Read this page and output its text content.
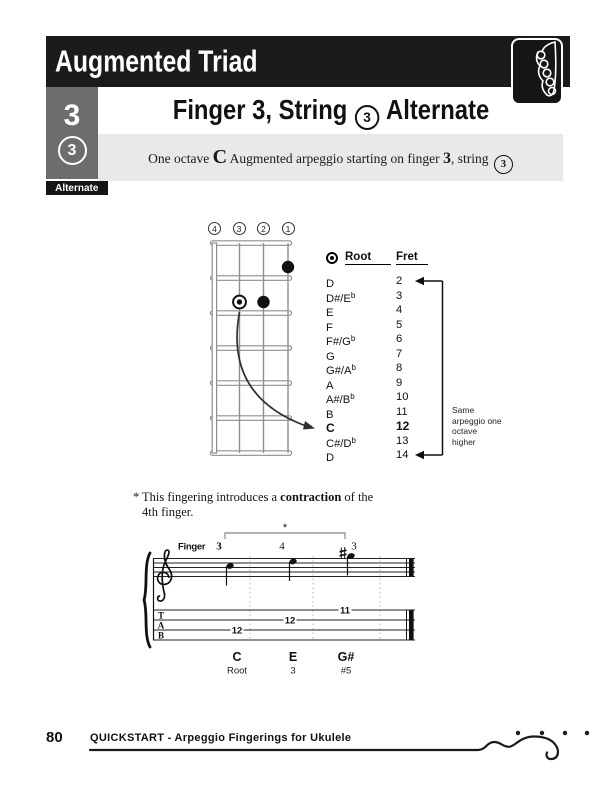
Augmented Triad
3
3
Alternate
Finger 3, String 3 Alternate
One octave C Augmented arpeggio starting on finger 3, string 3
4	3	2	1
Root	Fret
D	2
$D\#/E^b$	3
E	4
F	5
$F\#/G^b$	6
G	7
$G\#/A^b$	8
A	9
$A\#/B^b$	10
B	11
C	12
$C\#/D^b$	13
D	14
Same arpeggio one octave higher
* This fingering introduces a contraction of the
4th finger.
*
Finger 3	4	3
T
A
B	12
12
11
C	E	G#
Root	3	#5
80 QUICKSTART - Arpeggio Fingerings for Ukulele
